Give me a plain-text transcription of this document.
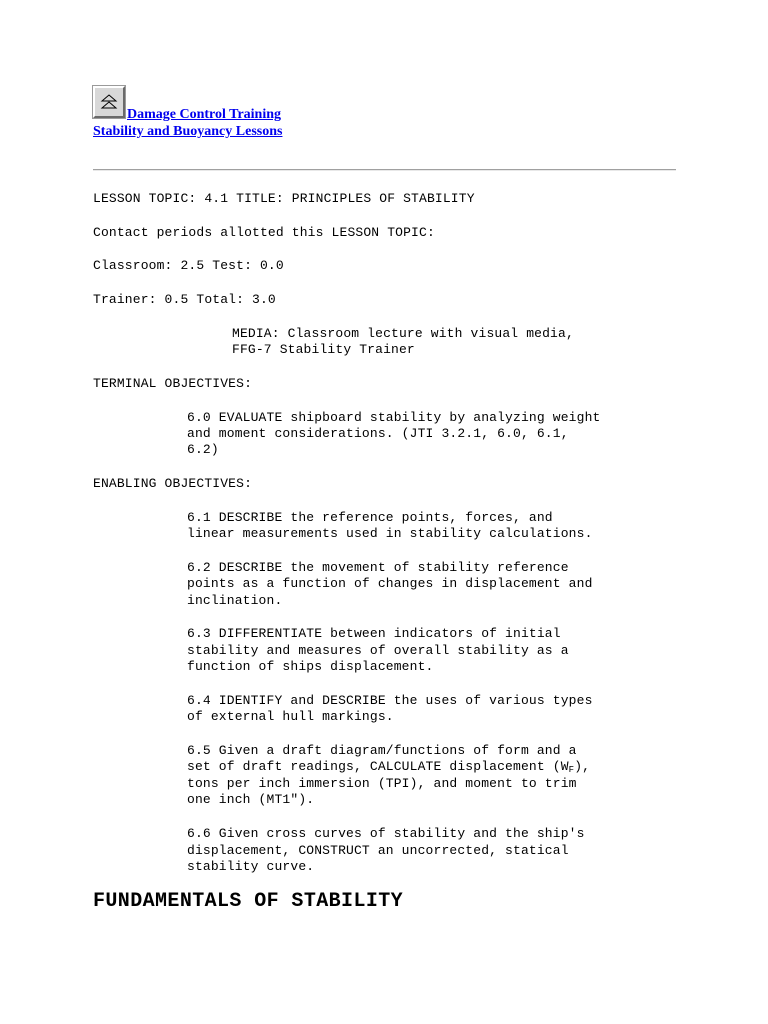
Damage Control Training
Stability and Buoyancy Lessons
LESSON TOPIC: 4.1 TITLE: PRINCIPLES OF STABILITY
Contact periods allotted this LESSON TOPIC:
Classroom: 2.5 Test: 0.0
Trainer: 0.5 Total: 3.0
MEDIA: Classroom lecture with visual media,
FFG-7 Stability Trainer
TERMINAL OBJECTIVES:
6.0 EVALUATE shipboard stability by analyzing weight
and moment considerations. (JTI 3.2.1, 6.0, 6.1,
6.2)
ENABLING OBJECTIVES:
6.1 DESCRIBE the reference points, forces, and
linear measurements used in stability calculations.
6.2 DESCRIBE the movement of stability reference
points as a function of changes in displacement and
inclination.
6.3 DIFFERENTIATE between indicators of initial
stability and measures of overall stability as a
function of ships displacement.
6.4 IDENTIFY and DESCRIBE the uses of various types
of external hull markings.
6.5 Given a draft diagram/functions of form and a
set of draft readings, CALCULATE displacement $(W_F)$,
tons per inch immersion (TPI), and moment to trim
one inch (MT1").
6.6 Given cross curves of stability and the ship's
displacement, CONSTRUCT an uncorrected, statical
stability curve.
FUNDAMENTALS OF STABILITY
